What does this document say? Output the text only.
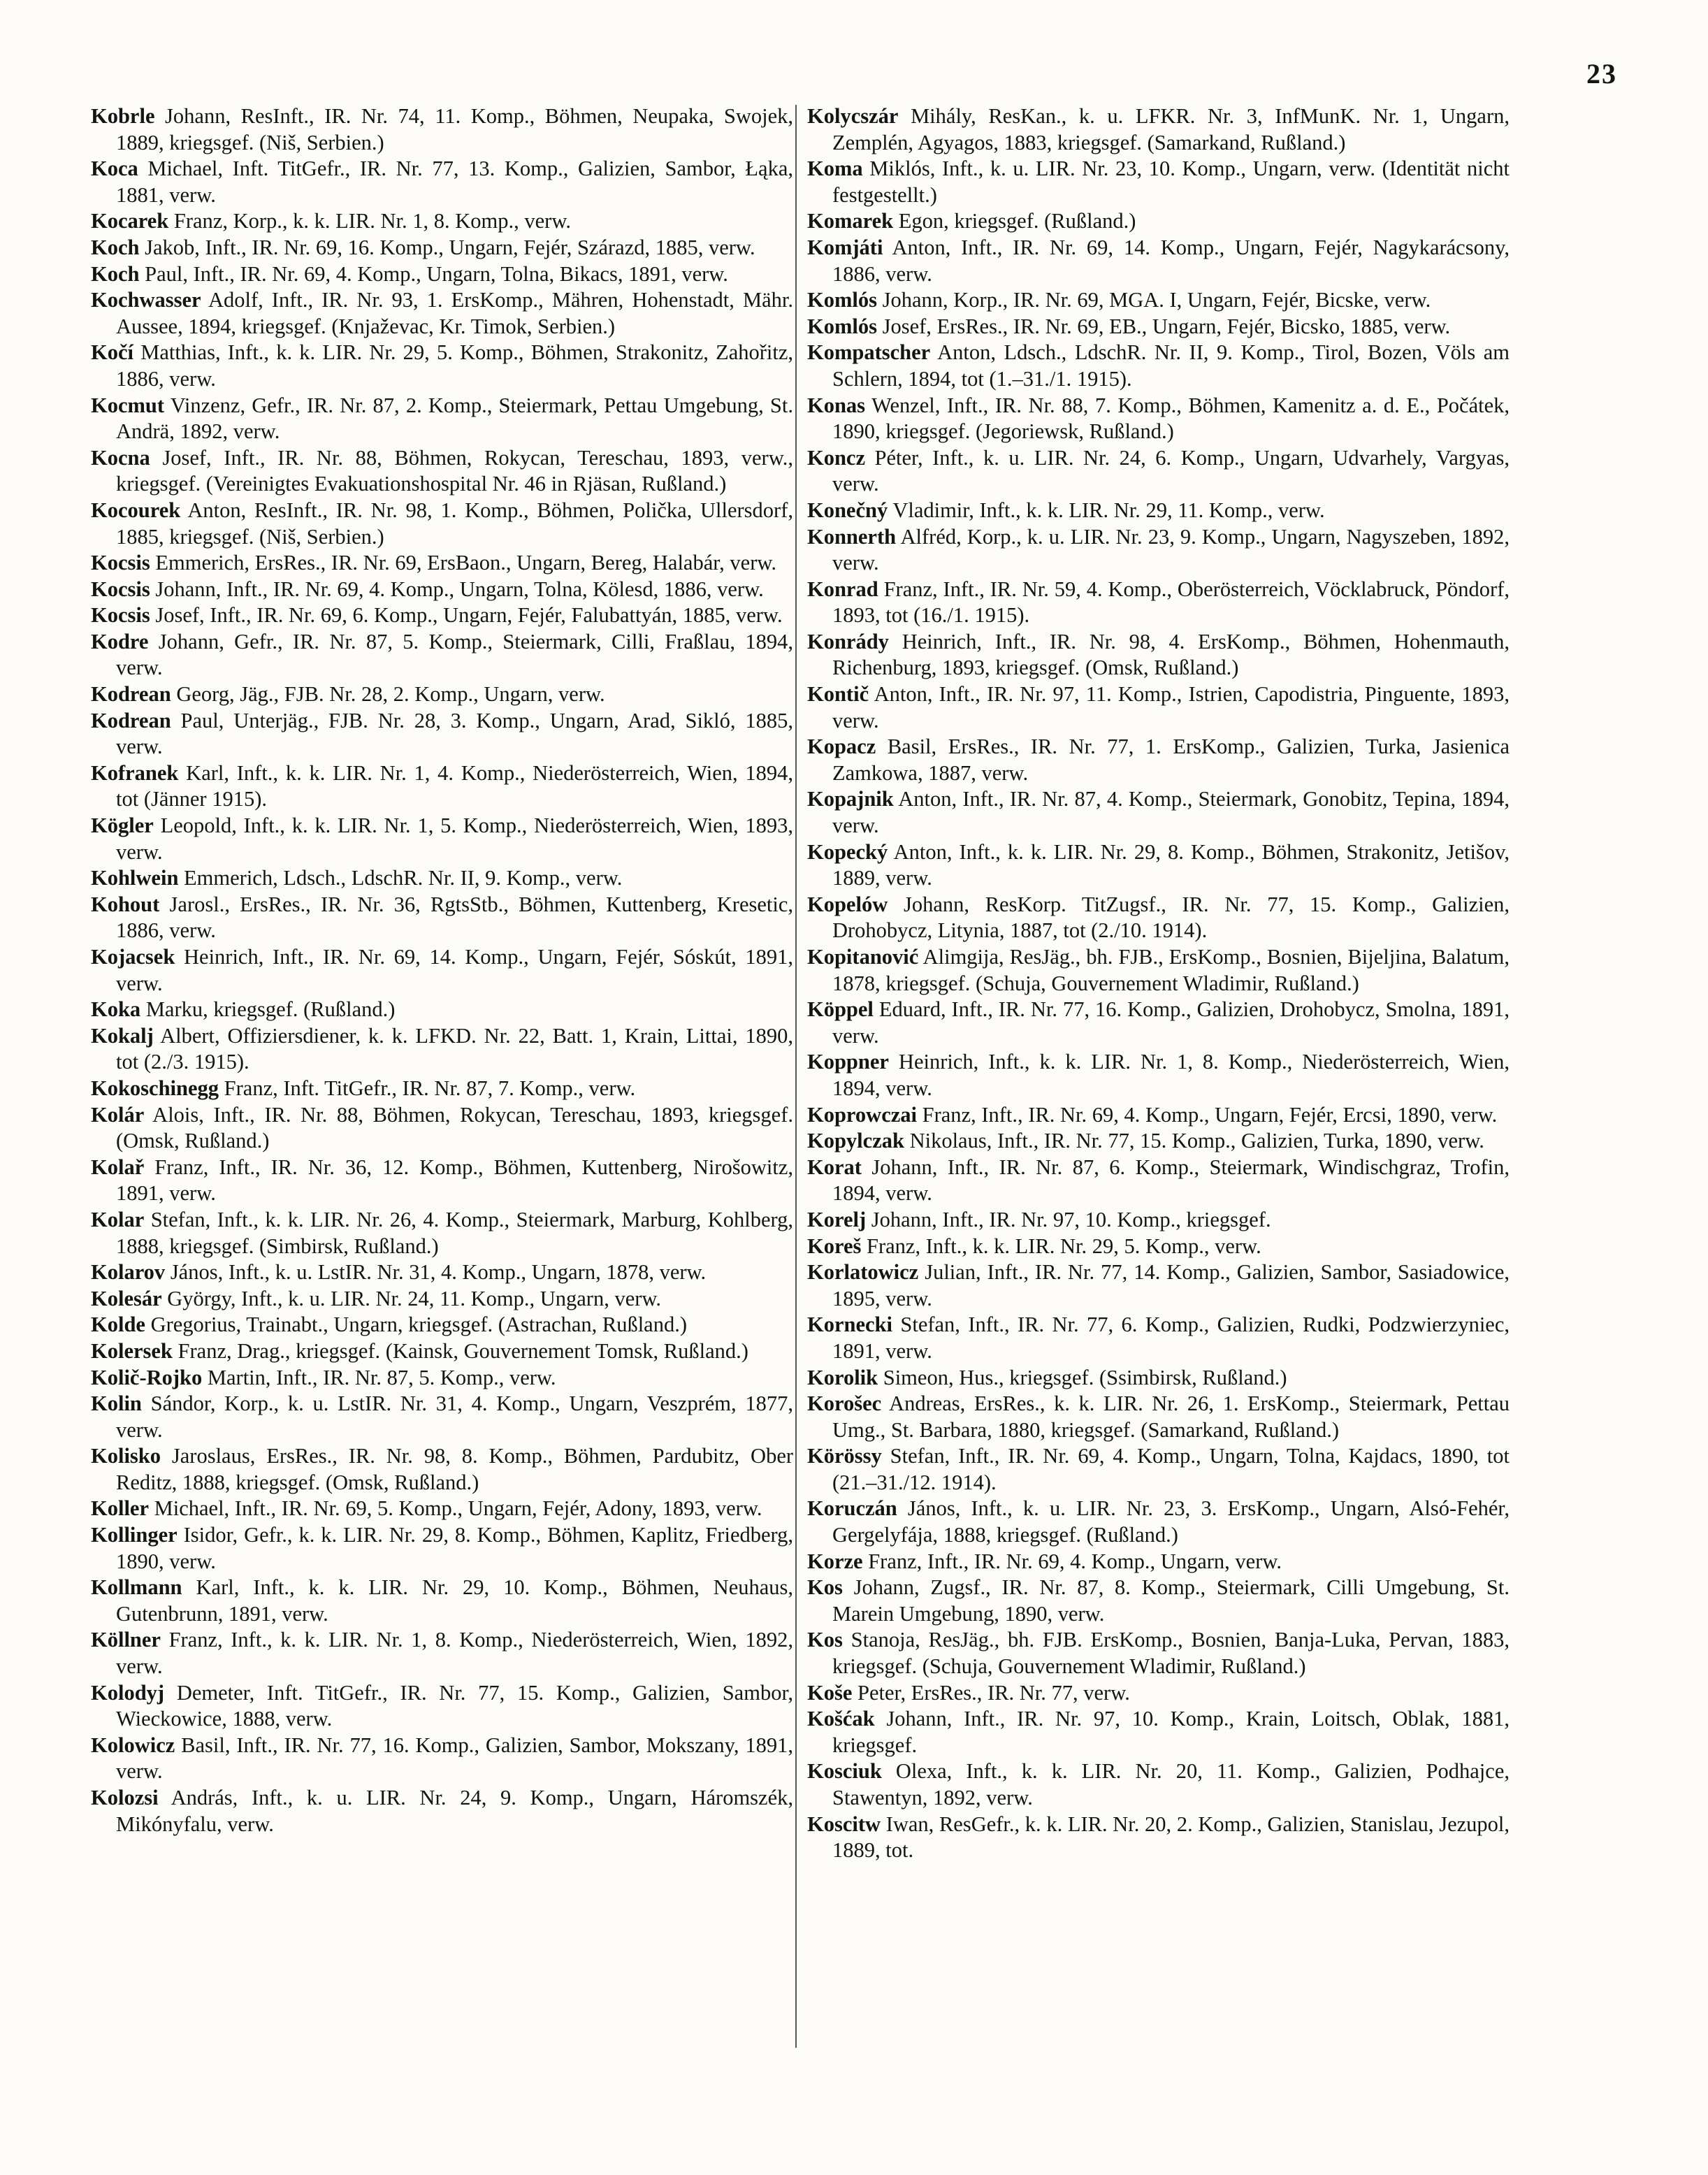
23

Kobrle Johann, ResInft., IR. Nr. 74, 11. Komp., Böhmen, Neupaka, Swojek, 1889, kriegsgef. (Niš, Serbien.)

Koca Michael, Inft. TitGefr., IR. Nr. 77, 13. Komp., Galizien, Sambor, Łąka, 1881, verw.

Kocarek Franz, Korp., k. k. LIR. Nr. 1, 8. Komp., verw.

Koch Jakob, Inft., IR. Nr. 69, 16. Komp., Ungarn, Fejér, Szárazd, 1885, verw.

Koch Paul, Inft., IR. Nr. 69, 4. Komp., Ungarn, Tolna, Bikacs, 1891, verw.

Kochwasser Adolf, Inft., IR. Nr. 93, 1. ErsKomp., Mähren, Hohenstadt, Mähr. Aussee, 1894, kriegsgef. (Knjaževac, Kr. Timok, Serbien.)

Kočí Matthias, Inft., k. k. LIR. Nr. 29, 5. Komp., Böhmen, Strakonitz, Zahořitz, 1886, verw.

Kocmut Vinzenz, Gefr., IR. Nr. 87, 2. Komp., Steiermark, Pettau Umgebung, St. Andrä, 1892, verw.

Kocna Josef, Inft., IR. Nr. 88, Böhmen, Rokycan, Tereschau, 1893, verw., kriegsgef. (Vereinigtes Evakuationshospital Nr. 46 in Rjäsan, Rußland.)

Kocourek Anton, ResInft., IR. Nr. 98, 1. Komp., Böhmen, Polička, Ullersdorf, 1885, kriegsgef. (Niš, Serbien.)

Kocsis Emmerich, ErsRes., IR. Nr. 69, ErsBaon., Ungarn, Bereg, Halabár, verw.

Kocsis Johann, Inft., IR. Nr. 69, 4. Komp., Ungarn, Tolna, Kölesd, 1886, verw.

Kocsis Josef, Inft., IR. Nr. 69, 6. Komp., Ungarn, Fejér, Falubattyán, 1885, verw.

Kodre Johann, Gefr., IR. Nr. 87, 5. Komp., Steiermark, Cilli, Fraßlau, 1894, verw.

Kodrean Georg, Jäg., FJB. Nr. 28, 2. Komp., Ungarn, verw.

Kodrean Paul, Unterjäg., FJB. Nr. 28, 3. Komp., Ungarn, Arad, Sikló, 1885, verw.

Kofranek Karl, Inft., k. k. LIR. Nr. 1, 4. Komp., Niederösterreich, Wien, 1894, tot (Jänner 1915).

Kögler Leopold, Inft., k. k. LIR. Nr. 1, 5. Komp., Niederösterreich, Wien, 1893, verw.

Kohlwein Emmerich, Ldsch., LdschR. Nr. II, 9. Komp., verw.

Kohout Jarosl., ErsRes., IR. Nr. 36, RgtsStb., Böhmen, Kuttenberg, Kresetic, 1886, verw.

Kojacsek Heinrich, Inft., IR. Nr. 69, 14. Komp., Ungarn, Fejér, Sóskút, 1891, verw.

Koka Marku, kriegsgef. (Rußland.)

Kokalj Albert, Offiziersdiener, k. k. LFKD. Nr. 22, Batt. 1, Krain, Littai, 1890, tot (2./3. 1915).

Kokoschinegg Franz, Inft. TitGefr., IR. Nr. 87, 7. Komp., verw.

Kolár Alois, Inft., IR. Nr. 88, Böhmen, Rokycan, Tereschau, 1893, kriegsgef. (Omsk, Rußland.)

Kolař Franz, Inft., IR. Nr. 36, 12. Komp., Böhmen, Kuttenberg, Nirošowitz, 1891, verw.

Kolar Stefan, Inft., k. k. LIR. Nr. 26, 4. Komp., Steiermark, Marburg, Kohlberg, 1888, kriegsgef. (Simbirsk, Rußland.)

Kolarov János, Inft., k. u. LstIR. Nr. 31, 4. Komp., Ungarn, 1878, verw.

Kolesár György, Inft., k. u. LIR. Nr. 24, 11. Komp., Ungarn, verw.

Kolde Gregorius, Trainabt., Ungarn, kriegsgef. (Astrachan, Rußland.)

Kolersek Franz, Drag., kriegsgef. (Kainsk, Gouvernement Tomsk, Rußland.)

Količ-Rojko Martin, Inft., IR. Nr. 87, 5. Komp., verw.

Kolin Sándor, Korp., k. u. LstIR. Nr. 31, 4. Komp., Ungarn, Veszprém, 1877, verw.

Kolisko Jaroslaus, ErsRes., IR. Nr. 98, 8. Komp., Böhmen, Pardubitz, Ober Reditz, 1888, kriegsgef. (Omsk, Rußland.)

Koller Michael, Inft., IR. Nr. 69, 5. Komp., Ungarn, Fejér, Adony, 1893, verw.

Kollinger Isidor, Gefr., k. k. LIR. Nr. 29, 8. Komp., Böhmen, Kaplitz, Friedberg, 1890, verw.

Kollmann Karl, Inft., k. k. LIR. Nr. 29, 10. Komp., Böhmen, Neuhaus, Gutenbrunn, 1891, verw.

Köllner Franz, Inft., k. k. LIR. Nr. 1, 8. Komp., Niederösterreich, Wien, 1892, verw.

Kolodyj Demeter, Inft. TitGefr., IR. Nr. 77, 15. Komp., Galizien, Sambor, Wieckowice, 1888, verw.

Kolowicz Basil, Inft., IR. Nr. 77, 16. Komp., Galizien, Sambor, Mokszany, 1891, verw.

Kolozsi András, Inft., k. u. LIR. Nr. 24, 9. Komp., Ungarn, Háromszék, Mikónyfalu, verw.

Kolycszár Mihály, ResKan., k. u. LFKR. Nr. 3, InfMunK. Nr. 1, Ungarn, Zemplén, Agyagos, 1883, kriegsgef. (Samarkand, Rußland.)

Koma Miklós, Inft., k. u. LIR. Nr. 23, 10. Komp., Ungarn, verw. (Identität nicht festgestellt.)

Komarek Egon, kriegsgef. (Rußland.)

Komjáti Anton, Inft., IR. Nr. 69, 14. Komp., Ungarn, Fejér, Nagykarácsony, 1886, verw.

Komlós Johann, Korp., IR. Nr. 69, MGA. I, Ungarn, Fejér, Bicske, verw.

Komlós Josef, ErsRes., IR. Nr. 69, EB., Ungarn, Fejér, Bicsko, 1885, verw.

Kompatscher Anton, Ldsch., LdschR. Nr. II, 9. Komp., Tirol, Bozen, Völs am Schlern, 1894, tot (1.–31./1. 1915).

Konas Wenzel, Inft., IR. Nr. 88, 7. Komp., Böhmen, Kamenitz a. d. E., Počátek, 1890, kriegsgef. (Jegoriewsk, Rußland.)

Koncz Péter, Inft., k. u. LIR. Nr. 24, 6. Komp., Ungarn, Udvarhely, Vargyas, verw.

Konečný Vladimir, Inft., k. k. LIR. Nr. 29, 11. Komp., verw.

Konnerth Alfréd, Korp., k. u. LIR. Nr. 23, 9. Komp., Ungarn, Nagyszeben, 1892, verw.

Konrad Franz, Inft., IR. Nr. 59, 4. Komp., Oberösterreich, Vöcklabruck, Pöndorf, 1893, tot (16./1. 1915).

Konrády Heinrich, Inft., IR. Nr. 98, 4. ErsKomp., Böhmen, Hohenmauth, Richenburg, 1893, kriegsgef. (Omsk, Rußland.)

Kontič Anton, Inft., IR. Nr. 97, 11. Komp., Istrien, Capodistria, Pinguente, 1893, verw.

Kopacz Basil, ErsRes., IR. Nr. 77, 1. ErsKomp., Galizien, Turka, Jasienica Zamkowa, 1887, verw.

Kopajnik Anton, Inft., IR. Nr. 87, 4. Komp., Steiermark, Gonobitz, Tepina, 1894, verw.

Kopecký Anton, Inft., k. k. LIR. Nr. 29, 8. Komp., Böhmen, Strakonitz, Jetišov, 1889, verw.

Kopelów Johann, ResKorp. TitZugsf., IR. Nr. 77, 15. Komp., Galizien, Drohobycz, Litynia, 1887, tot (2./10. 1914).

Kopitanović Alimgija, ResJäg., bh. FJB., ErsKomp., Bosnien, Bijeljina, Balatum, 1878, kriegsgef. (Schuja, Gouvernement Wladimir, Rußland.)

Köppel Eduard, Inft., IR. Nr. 77, 16. Komp., Galizien, Drohobycz, Smolna, 1891, verw.

Koppner Heinrich, Inft., k. k. LIR. Nr. 1, 8. Komp., Niederösterreich, Wien, 1894, verw.

Koprowczai Franz, Inft., IR. Nr. 69, 4. Komp., Ungarn, Fejér, Ercsi, 1890, verw.

Kopylczak Nikolaus, Inft., IR. Nr. 77, 15. Komp., Galizien, Turka, 1890, verw.

Korat Johann, Inft., IR. Nr. 87, 6. Komp., Steiermark, Windischgraz, Trofin, 1894, verw.

Korelj Johann, Inft., IR. Nr. 97, 10. Komp., kriegsgef.

Koreš Franz, Inft., k. k. LIR. Nr. 29, 5. Komp., verw.

Korlatowicz Julian, Inft., IR. Nr. 77, 14. Komp., Galizien, Sambor, Sasiadowice, 1895, verw.

Kornecki Stefan, Inft., IR. Nr. 77, 6. Komp., Galizien, Rudki, Podzwierzyniec, 1891, verw.

Korolik Simeon, Hus., kriegsgef. (Ssimbirsk, Rußland.)

Korošec Andreas, ErsRes., k. k. LIR. Nr. 26, 1. ErsKomp., Steiermark, Pettau Umg., St. Barbara, 1880, kriegsgef. (Samarkand, Rußland.)

Körössy Stefan, Inft., IR. Nr. 69, 4. Komp., Ungarn, Tolna, Kajdacs, 1890, tot (21.–31./12. 1914).

Koruczán János, Inft., k. u. LIR. Nr. 23, 3. ErsKomp., Ungarn, Alsó-Fehér, Gergelyfája, 1888, kriegsgef. (Rußland.)

Korze Franz, Inft., IR. Nr. 69, 4. Komp., Ungarn, verw.

Kos Johann, Zugsf., IR. Nr. 87, 8. Komp., Steiermark, Cilli Umgebung, St. Marein Umgebung, 1890, verw.

Kos Stanoja, ResJäg., bh. FJB. ErsKomp., Bosnien, Banja-Luka, Pervan, 1883, kriegsgef. (Schuja, Gouvernement Wladimir, Rußland.)

Koše Peter, ErsRes., IR. Nr. 77, verw.

Košćak Johann, Inft., IR. Nr. 97, 10. Komp., Krain, Loitsch, Oblak, 1881, kriegsgef.

Kosciuk Olexa, Inft., k. k. LIR. Nr. 20, 11. Komp., Galizien, Podhajce, Stawentyn, 1892, verw.

Koscitw Iwan, ResGefr., k. k. LIR. Nr. 20, 2. Komp., Galizien, Stanislau, Jezupol, 1889, tot.
